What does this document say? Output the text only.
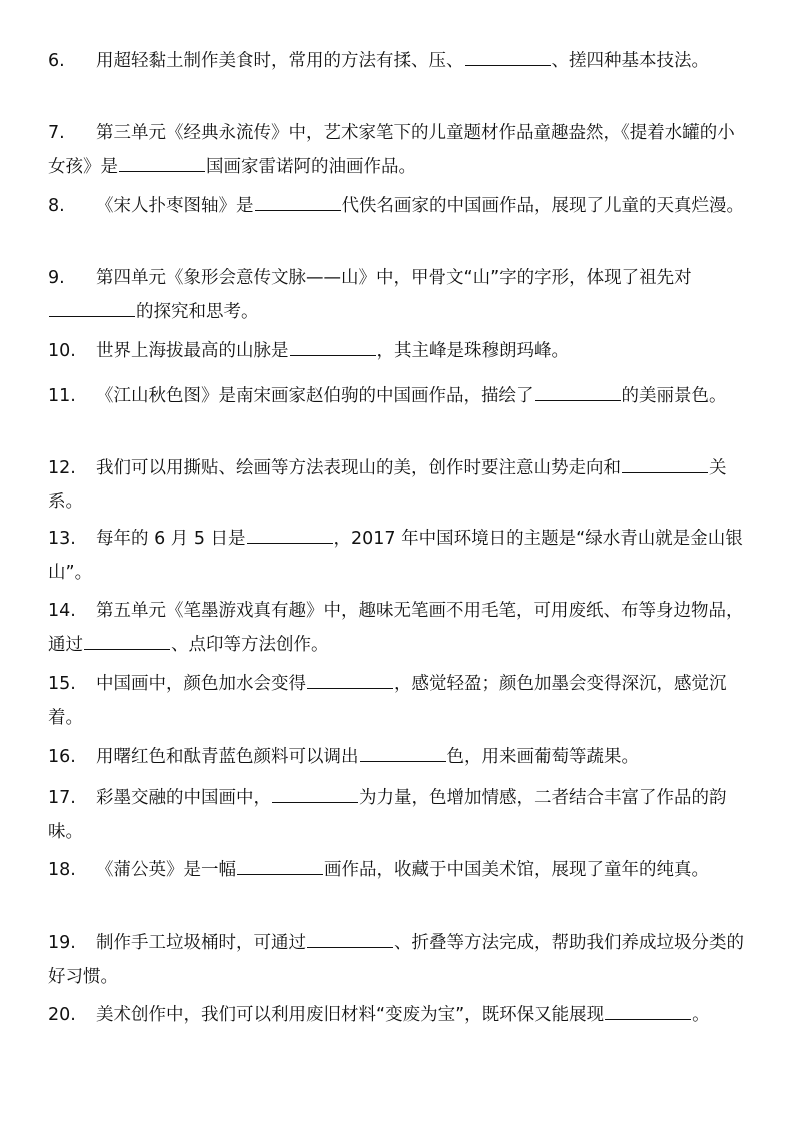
6. 用超轻黏土制作美食时，常用的方法有揉、压、	、搓四种基本技法。
7. 第三单元《经典永流传》中，艺术家笔下的儿童题材作品童趣盎然，《提着水罐的小女孩》是	国画家雷诺阿的油画作品。
8. 《宋人扑枣图轴》是	代佚名画家的中国画作品，展现了儿童的天真烂漫。
9. 第四单元《象形会意传文脉——山》中，甲骨文“山”字的字形，体现了祖先对的探究和思考。
10. 世界上海拔最高的山脉是	，其主峰是珠穆朗玛峰。
11. 《江山秋色图》是南宋画家赵伯驹的中国画作品，描绘了	的美丽景色。
12. 我们可以用撕贴、绘画等方法表现山的美，创作时要注意山势走向和	关系。
13. 每年的 6 月 5 日是	，2017 年中国环境日的主题是“绿水青山就是金山银山”。
14. 第五单元《笔墨游戏真有趣》中，趣味无笔画不用毛笔，可用废纸、布等身边物品，通过	、点印等方法创作。
15. 中国画中，颜色加水会变得	，感觉轻盈；颜色加墨会变得深沉，感觉沉着。
16. 用曙红色和酞青蓝色颜料可以调出	色，用来画葡萄等蔬果。
17. 彩墨交融的中国画中，	为力量，色增加情感，二者结合丰富了作品的韵味。
18. 《蒲公英》是一幅	画作品，收藏于中国美术馆，展现了童年的纯真。
19. 制作手工垃圾桶时，可通过	、折叠等方法完成，帮助我们养成垃圾分类的好习惯。
20. 美术创作中，我们可以利用废旧材料“变废为宝”，既环保又能展现	。
